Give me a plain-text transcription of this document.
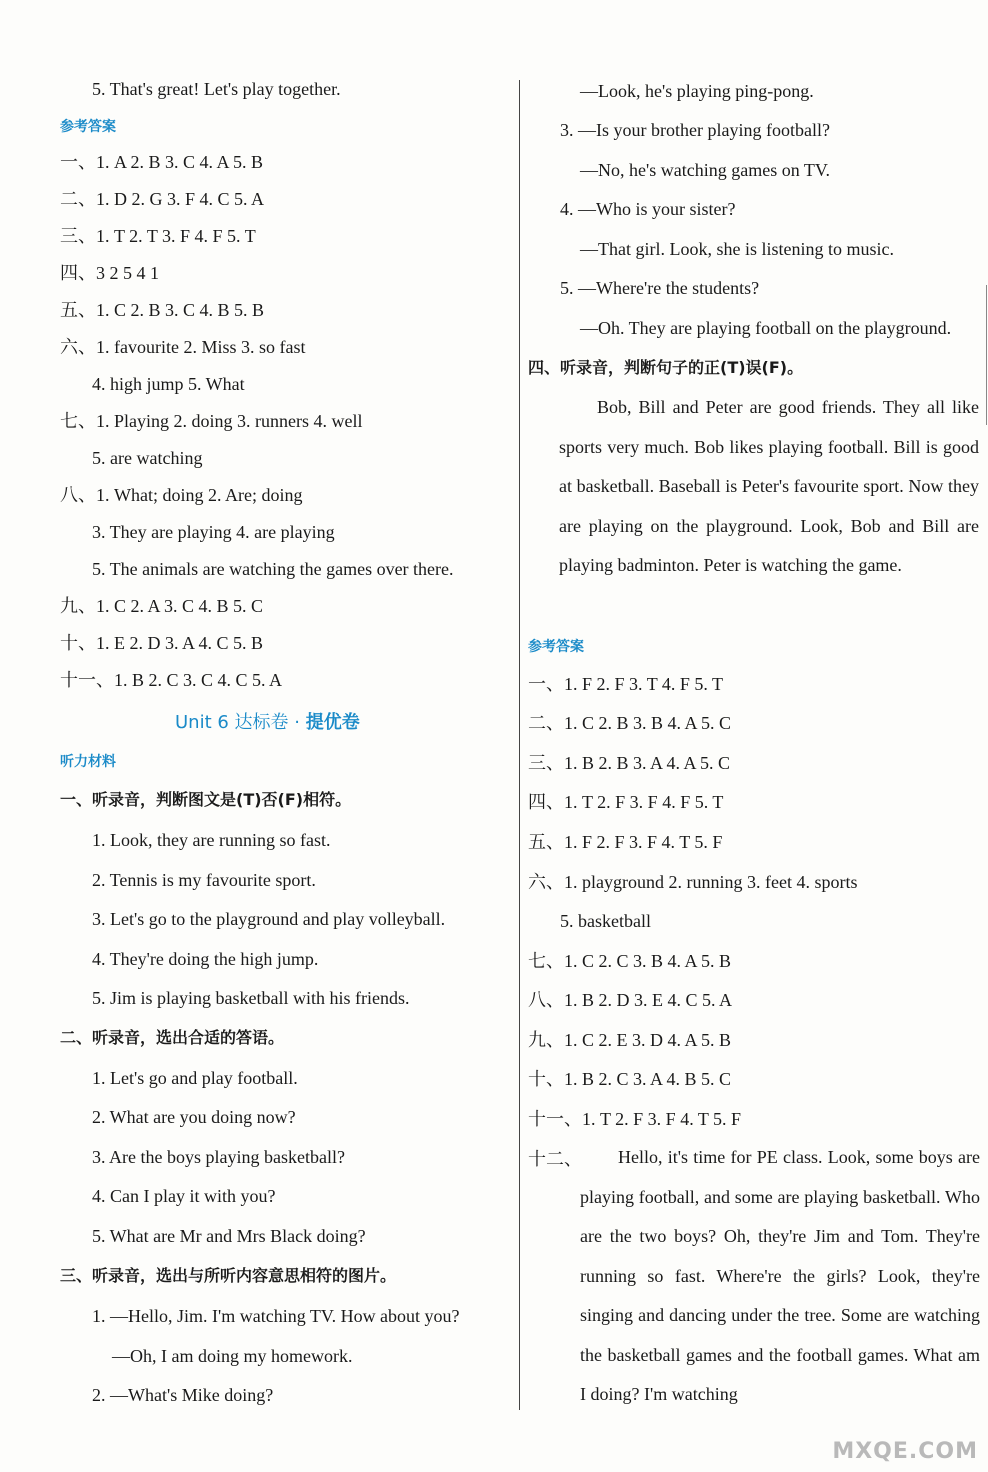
5. That's great! Let's play together.
参考答案
一、1. A 2. B 3. C 4. A 5. B
二、1. D 2. G 3. F 4. C 5. A
三、1. T 2. T 3. F 4. F 5. T
四、3 2 5 4 1
五、1. C 2. B 3. C 4. B 5. B
六、1. favourite 2. Miss 3. so fast
4. high jump 5. What
七、1. Playing 2. doing 3. runners 4. well
5. are watching
八、1. What; doing 2. Are; doing
3. They are playing 4. are playing
5. The animals are watching the games over there.
九、1. C 2. A 3. C 4. B 5. C
十、1. E 2. D 3. A 4. C 5. B
十一、1. B 2. C 3. C 4. C 5. A
Unit 6 达标卷 · 提优卷
听力材料
一、听录音，判断图文是(T)否(F)相符。
1. Look, they are running so fast.
2. Tennis is my favourite sport.
3. Let's go to the playground and play volleyball.
4. They're doing the high jump.
5. Jim is playing basketball with his friends.
二、听录音，选出合适的答语。
1. Let's go and play football.
2. What are you doing now?
3. Are the boys playing basketball?
4. Can I play it with you?
5. What are Mr and Mrs Black doing?
三、听录音，选出与所听内容意思相符的图片。
1. —Hello, Jim. I'm watching TV. How about you?
—Oh, I am doing my homework.
2. —What's Mike doing?
—Look, he's playing ping-pong.
3. —Is your brother playing football?
—No, he's watching games on TV.
4. —Who is your sister?
—That girl. Look, she is listening to music.
5. —Where're the students?
—Oh. They are playing football on the playground.
四、听录音，判断句子的正(T)误(F)。
Bob, Bill and Peter are good friends. They all like sports very much. Bob likes playing football. Bill is good at basketball. Baseball is Peter's favourite sport. Now they are playing on the playground. Look, Bob and Bill are playing badminton. Peter is watching the game.
参考答案
一、1. F 2. F 3. T 4. F 5. T
二、1. C 2. B 3. B 4. A 5. C
三、1. B 2. B 3. A 4. A 5. C
四、1. T 2. F 3. F 4. F 5. T
五、1. F 2. F 3. F 4. T 5. F
六、1. playground 2. running 3. feet 4. sports
5. basketball
七、1. C 2. C 3. B 4. A 5. B
八、1. B 2. D 3. E 4. C 5. A
九、1. C 2. E 3. D 4. A 5. B
十、1. B 2. C 3. A 4. B 5. C
十一、1. T 2. F 3. F 4. T 5. F
十二、	Hello, it's time for PE class. Look, some boys are playing football, and some are playing basketball. Who are the two boys? Oh, they're Jim and Tom. They're running so fast. Where're the girls? Look, they're singing and dancing under the tree. Some are watching the basketball games and the football games. What am I doing? I'm watching
MXQE.COM
